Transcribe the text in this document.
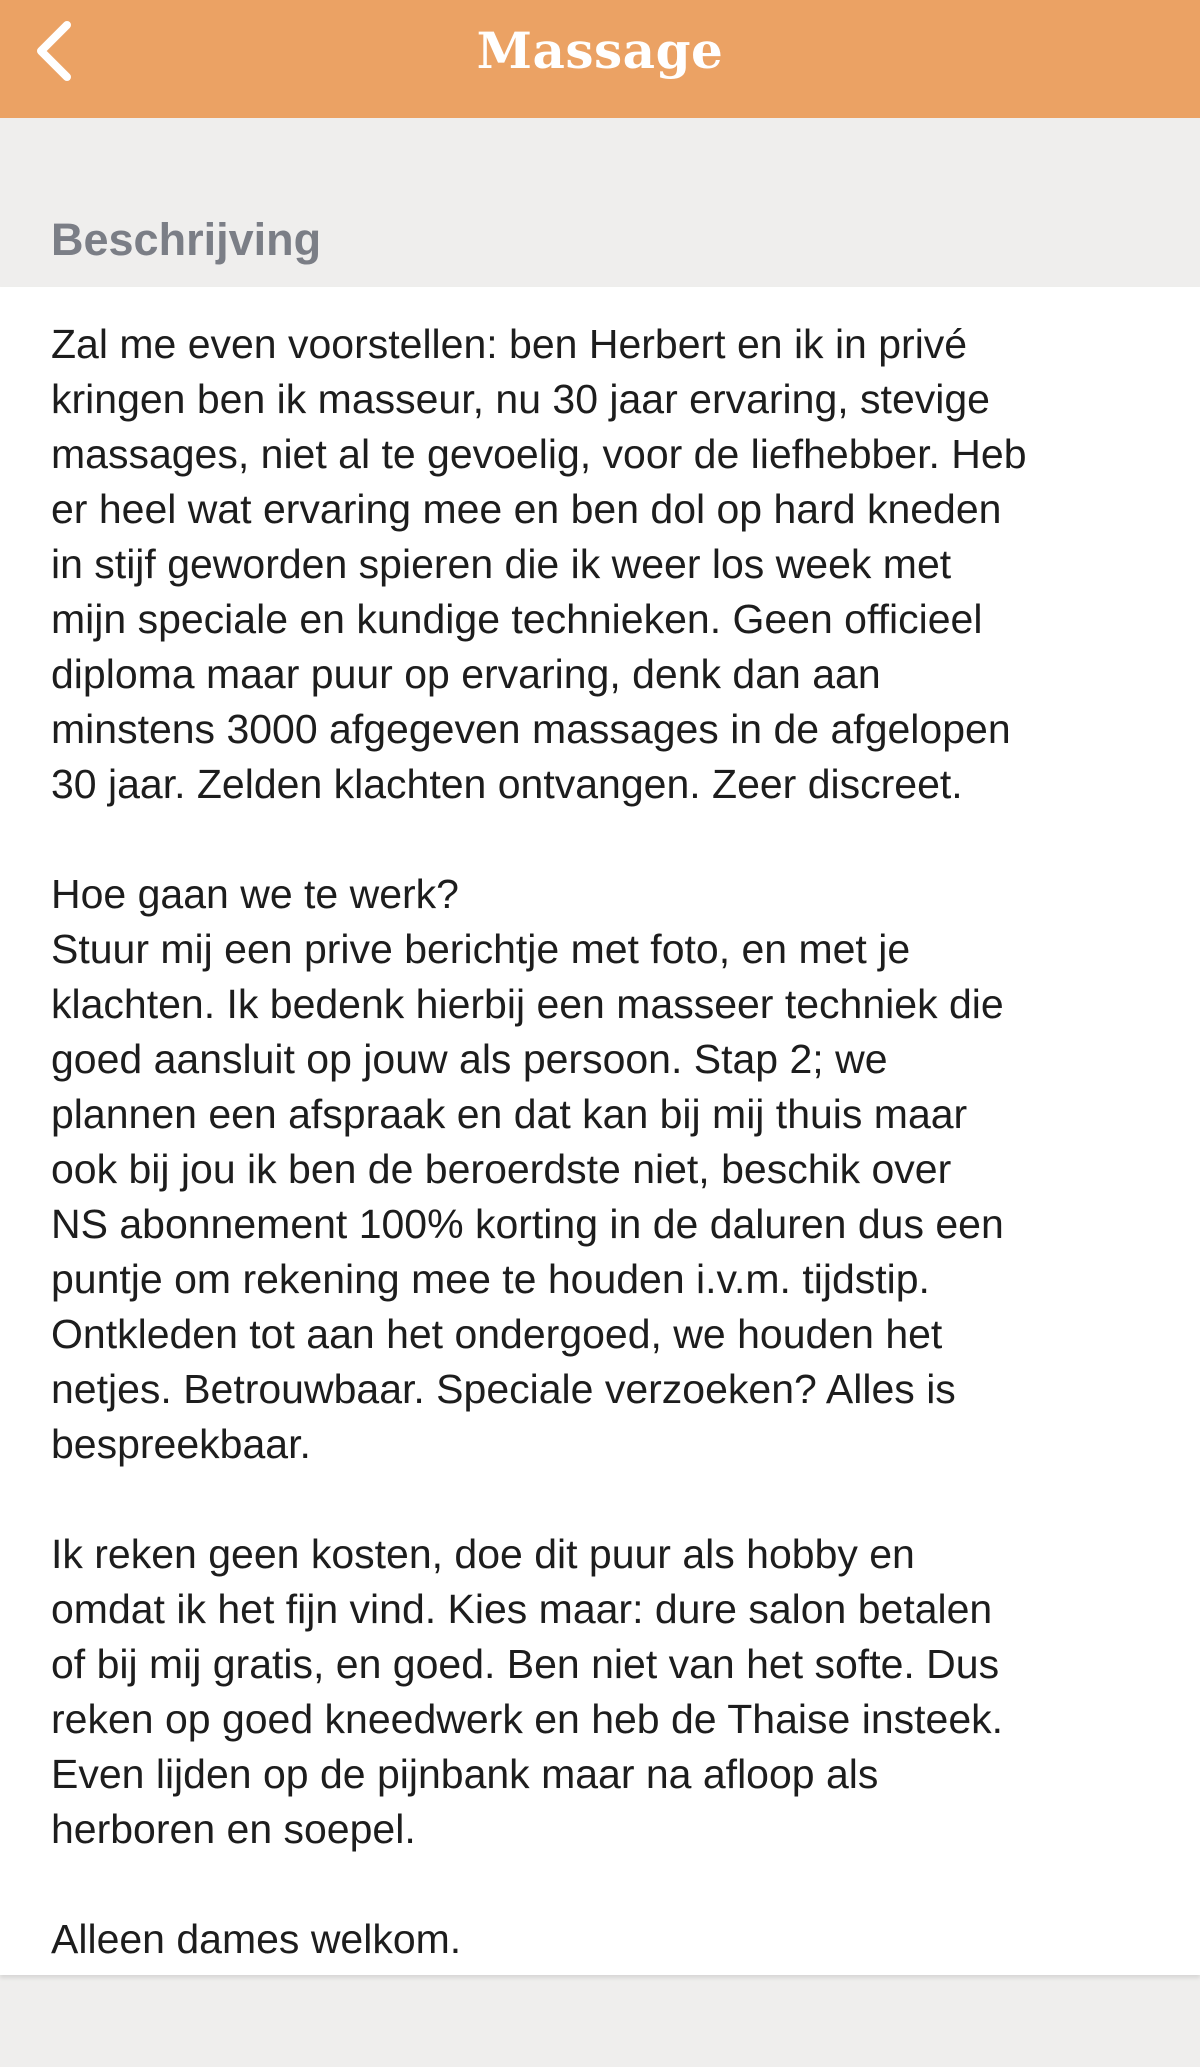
Massage
Beschrijving
Zal me even voorstellen: ben Herbert en ik in privé
kringen ben ik masseur, nu 30 jaar ervaring, stevige
massages, niet al te gevoelig, voor de liefhebber. Heb
er heel wat ervaring mee en ben dol op hard kneden
in stijf geworden spieren die ik weer los week met
mijn speciale en kundige technieken. Geen officieel
diploma maar puur op ervaring, denk dan aan
minstens 3000 afgegeven massages in de afgelopen
30 jaar. Zelden klachten ontvangen. Zeer discreet.

Hoe gaan we te werk?
Stuur mij een prive berichtje met foto, en met je
klachten. Ik bedenk hierbij een masseer techniek die
goed aansluit op jouw als persoon. Stap 2; we
plannen een afspraak en dat kan bij mij thuis maar
ook bij jou ik ben de beroerdste niet, beschik over
NS abonnement 100% korting in de daluren dus een
puntje om rekening mee te houden i.v.m. tijdstip.
Ontkleden tot aan het ondergoed, we houden het
netjes. Betrouwbaar. Speciale verzoeken? Alles is
bespreekbaar.

Ik reken geen kosten, doe dit puur als hobby en
omdat ik het fijn vind. Kies maar: dure salon betalen
of bij mij gratis, en goed. Ben niet van het softe. Dus
reken op goed kneedwerk en heb de Thaise insteek.
Even lijden op de pijnbank maar na afloop als
herboren en soepel.

Alleen dames welkom.
